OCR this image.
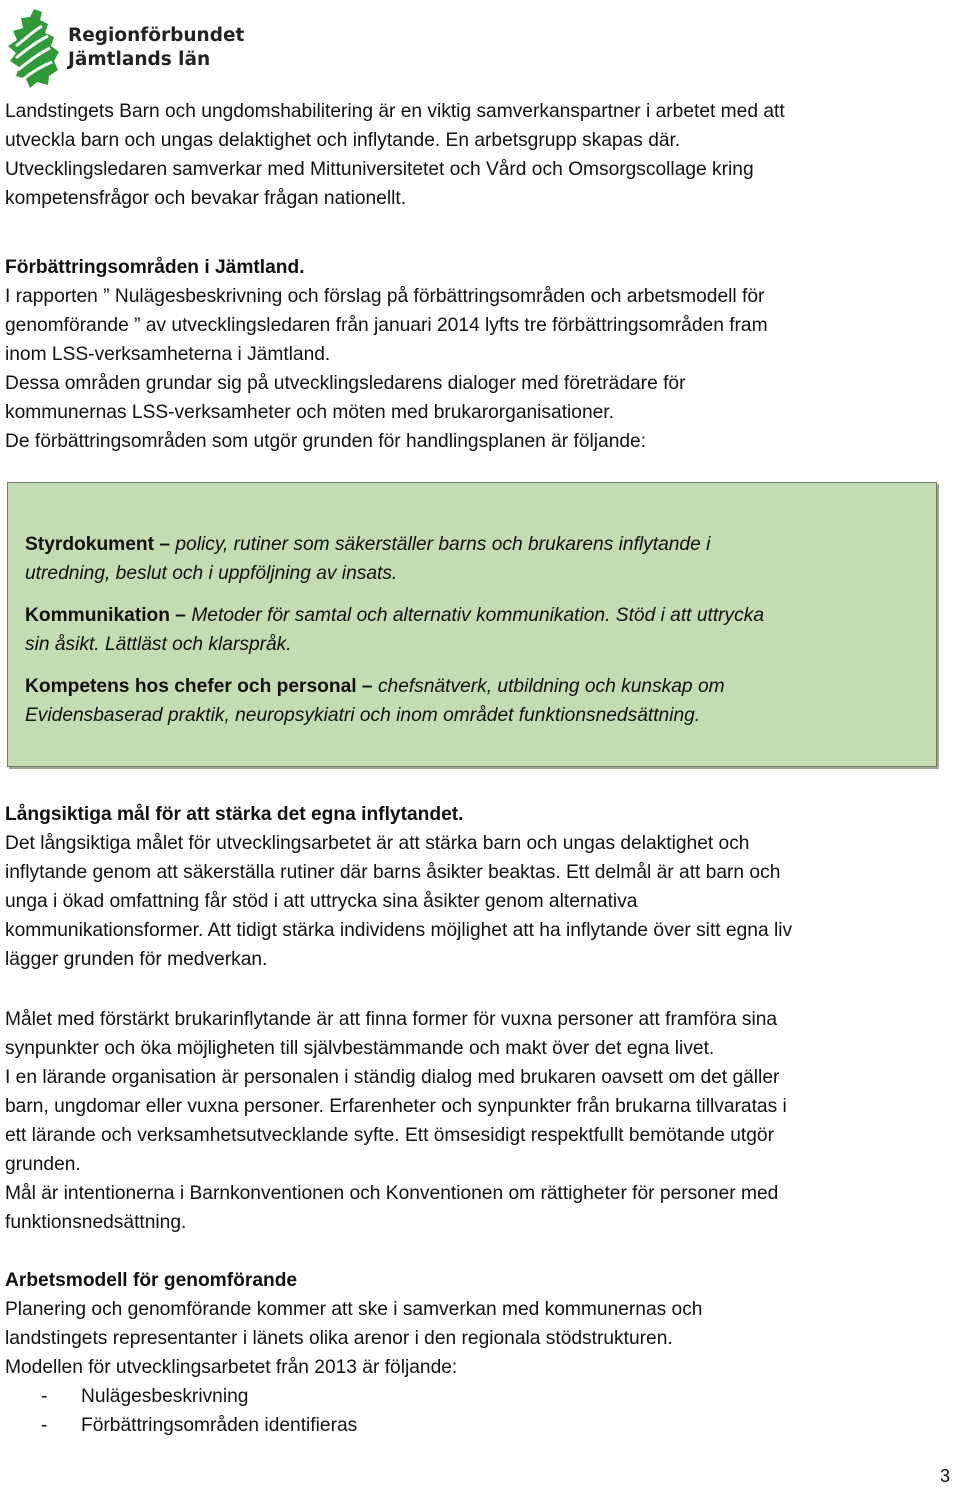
Regionförbundet
Jämtlands län

Landstingets Barn och ungdomshabilitering är en viktig samverkanspartner i arbetet med att

utveckla barn och ungas delaktighet och inflytande. En arbetsgrupp skapas där.

Utvecklingsledaren samverkar med Mittuniversitetet och Vård och Omsorgscollage kring

kompetensfrågor och bevakar frågan nationellt.

Förbättringsområden i Jämtland.

I rapporten ” Nulägesbeskrivning och förslag på förbättringsområden och arbetsmodell för

genomförande ” av utvecklingsledaren från januari 2014 lyfts tre förbättringsområden fram

inom LSS-verksamheterna i Jämtland.

Dessa områden grundar sig på utvecklingsledarens dialoger med företrädare för

kommunernas LSS-verksamheter och möten med brukarorganisationer.

De förbättringsområden som utgör grunden för handlingsplanen är följande:

Styrdokument – policy, rutiner som säkerställer barns och brukarens inflytande i
utredning, beslut och i uppföljning av insats.

Kommunikation – Metoder för samtal och alternativ kommunikation. Stöd i att uttrycka
sin åsikt. Lättläst och klarspråk.

Kompetens hos chefer och personal – chefsnätverk, utbildning och kunskap om
Evidensbaserad praktik, neuropsykiatri och inom området funktionsnedsättning.

Långsiktiga mål för att stärka det egna inflytandet.

Det långsiktiga målet för utvecklingsarbetet är att stärka barn och ungas delaktighet och

inflytande genom att säkerställa rutiner där barns åsikter beaktas. Ett delmål är att barn och

unga i ökad omfattning får stöd i att uttrycka sina åsikter genom alternativa

kommunikationsformer. Att tidigt stärka individens möjlighet att ha inflytande över sitt egna liv

lägger grunden för medverkan.

Målet med förstärkt brukarinflytande är att finna former för vuxna personer att framföra sina

synpunkter och öka möjligheten till självbestämmande och makt över det egna livet.

I en lärande organisation är personalen i ständig dialog med brukaren oavsett om det gäller

barn, ungdomar eller vuxna personer. Erfarenheter och synpunkter från brukarna tillvaratas i

ett lärande och verksamhetsutvecklande syfte. Ett ömsesidigt respektfullt bemötande utgör

grunden.

Mål är intentionerna i Barnkonventionen och Konventionen om rättigheter för personer med

funktionsnedsättning.

Arbetsmodell för genomförande

Planering och genomförande kommer att ske i samverkan med kommunernas och

landstingets representanter i länets olika arenor i den regionala stödstrukturen.

Modellen för utvecklingsarbetet från 2013 är följande:

- Nulägesbeskrivning
- Förbättringsområden identifieras
3
